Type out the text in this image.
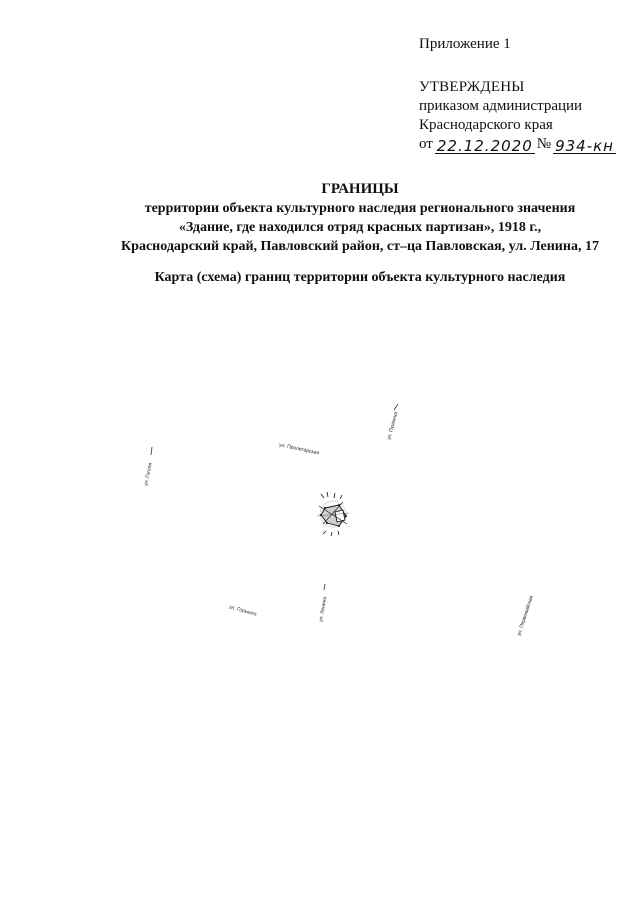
Приложение 1
УТВЕРЖДЕНЫ
приказом администрации
Краснодарского края
от 22.12.2020 № 934-кн
ГРАНИЦЫ
территории объекта культурного наследия регионального значения
«Здание, где находился отряд красных партизан», 1918 г.,
Краснодарский край, Павловский район, ст–ца Павловская, ул. Ленина, 17
Карта (схема) границ территории объекта культурного наследия
ул. Пушкина
ул. Пролетарская
ул. Гоголя
ул. Ленина
ул. Горького	ул. Первомайская
